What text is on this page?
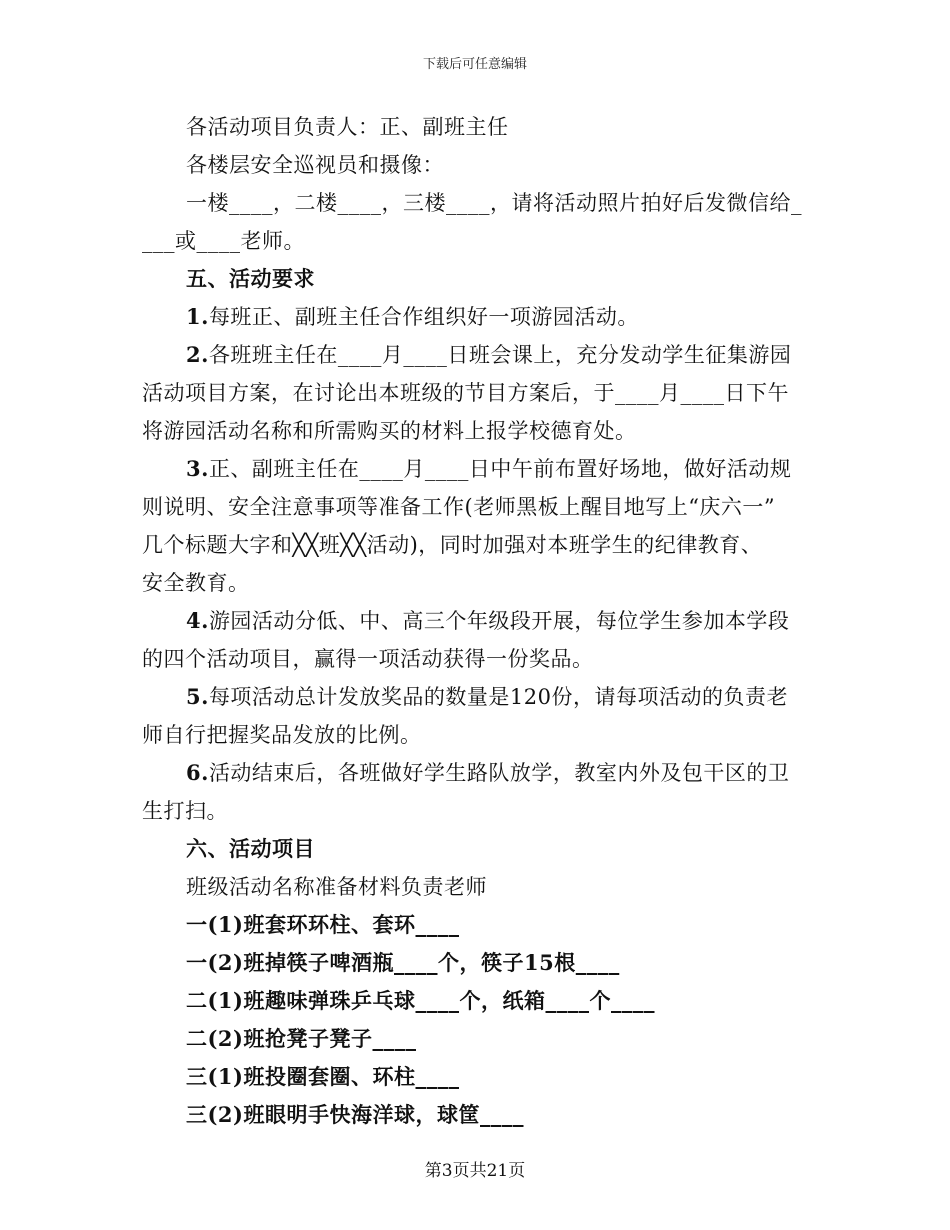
下载后可任意编辑
各活动项目负责人：正、副班主任
各楼层安全巡视员和摄像：
一楼____，二楼____，三楼____，请将活动照片拍好后发微信给_
___或____老师。
五、活动要求
1.每班正、副班主任合作组织好一项游园活动。
2.各班班主任在____月____日班会课上，充分发动学生征集游园
活动项目方案，在讨论出本班级的节目方案后，于____月____日下午
将游园活动名称和所需购买的材料上报学校德育处。
3.正、副班主任在____月____日中午前布置好场地，做好活动规
则说明、安全注意事项等准备工作(老师黑板上醒目地写上“庆六一”
几个标题大字和╳╳班╳╳活动)，同时加强对本班学生的纪律教育、
安全教育。
4.游园活动分低、中、高三个年级段开展，每位学生参加本学段
的四个活动项目，赢得一项活动获得一份奖品。
5.每项活动总计发放奖品的数量是120份，请每项活动的负责老
师自行把握奖品发放的比例。
6.活动结束后，各班做好学生路队放学，教室内外及包干区的卫
生打扫。
六、活动项目
班级活动名称准备材料负责老师
一(1)班套环环柱、套环____
一(2)班掉筷子啤酒瓶____个，筷子15根____
二(1)班趣味弹珠乒乓球____个，纸箱____个____
二(2)班抢凳子凳子____
三(1)班投圈套圈、环柱____
三(2)班眼明手快海洋球，球筐____
第3页共21页
